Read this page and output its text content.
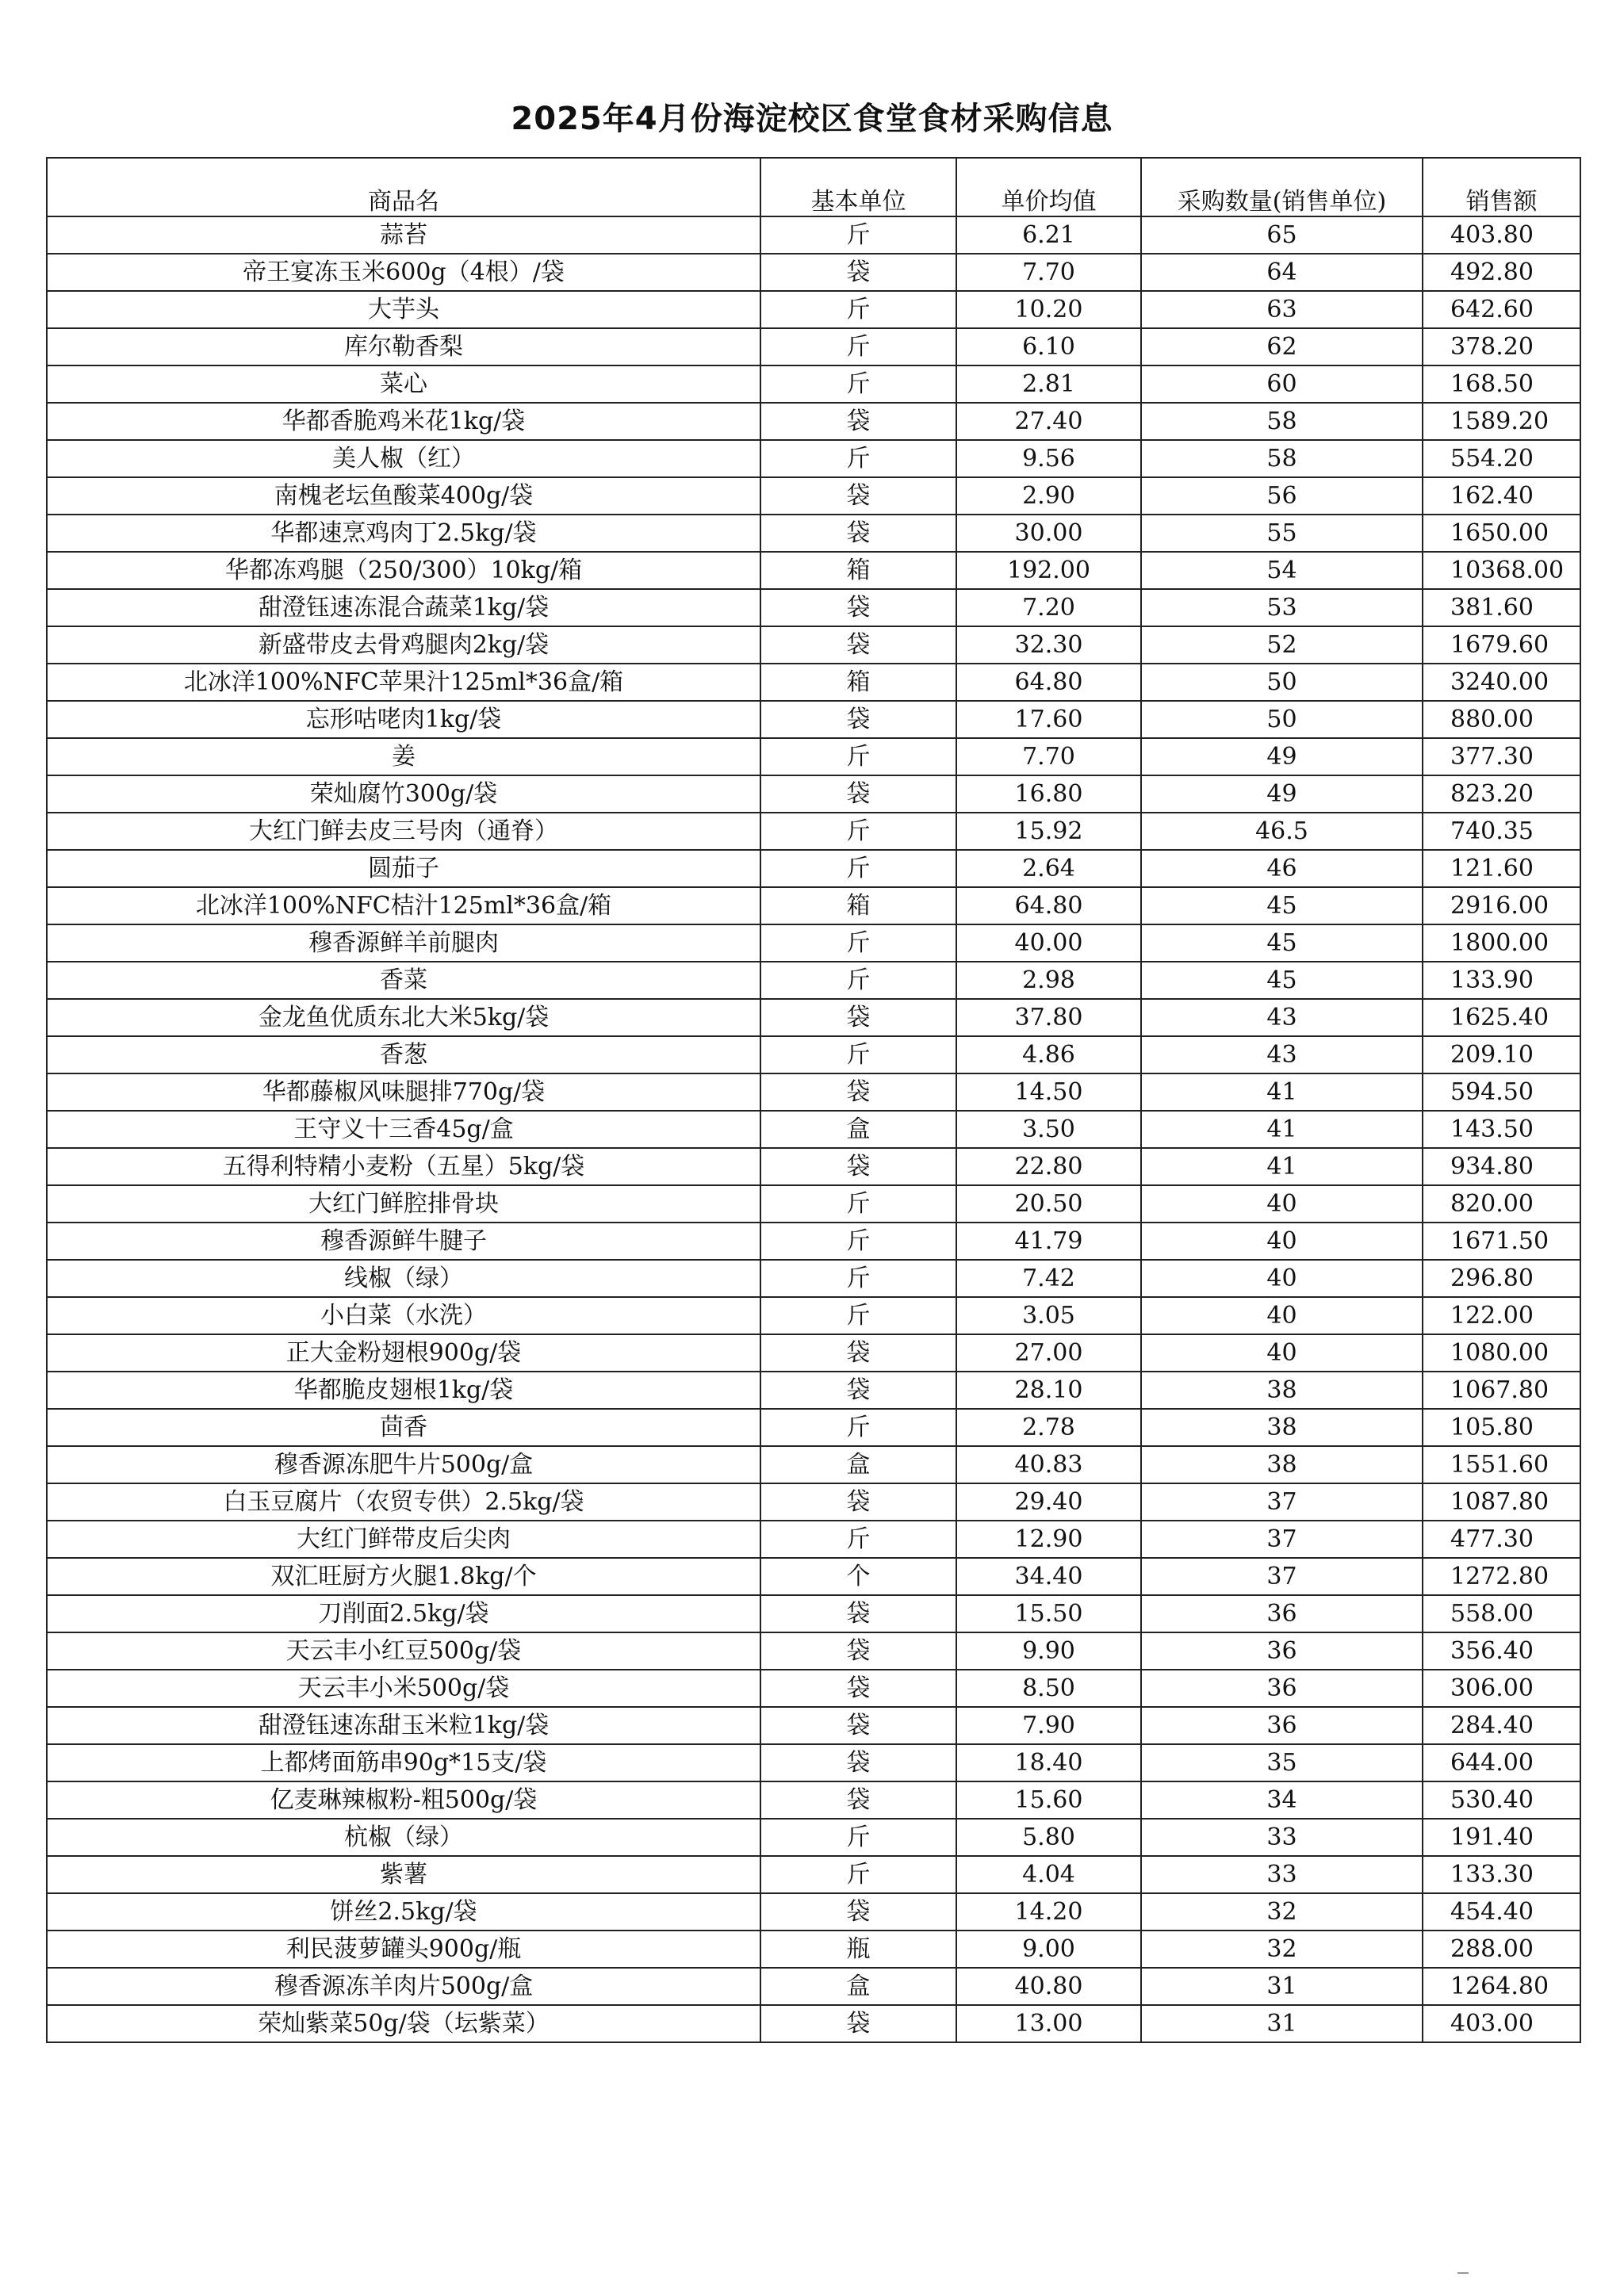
2025年4月份海淀校区食堂食材采购信息
商品名	基本单位	单价均值	采购数量(销售单位)	销售额
蒜苔	斤	6.21	65	403.80
帝王宴冻玉米600g（4根）/袋	袋	7.70	64	492.80
大芋头	斤	10.20	63	642.60
库尔勒香梨	斤	6.10	62	378.20
菜心	斤	2.81	60	168.50
华都香脆鸡米花1kg/袋	袋	27.40	58	1589.20
美人椒（红）	斤	9.56	58	554.20
南槐老坛鱼酸菜400g/袋	袋	2.90	56	162.40
华都速烹鸡肉丁2.5kg/袋	袋	30.00	55	1650.00
华都冻鸡腿（250/300）10kg/箱	箱	192.00	54	10368.00
甜澄钰速冻混合蔬菜1kg/袋	袋	7.20	53	381.60
新盛带皮去骨鸡腿肉2kg/袋	袋	32.30	52	1679.60
北冰洋100%NFC苹果汁125ml*36盒/箱	箱	64.80	50	3240.00
忘形咕咾肉1kg/袋	袋	17.60	50	880.00
姜	斤	7.70	49	377.30
荣灿腐竹300g/袋	袋	16.80	49	823.20
大红门鲜去皮三号肉（通脊）	斤	15.92	46.5	740.35
圆茄子	斤	2.64	46	121.60
北冰洋100%NFC桔汁125ml*36盒/箱	箱	64.80	45	2916.00
穆香源鲜羊前腿肉	斤	40.00	45	1800.00
香菜	斤	2.98	45	133.90
金龙鱼优质东北大米5kg/袋	袋	37.80	43	1625.40
香葱	斤	4.86	43	209.10
华都藤椒风味腿排770g/袋	袋	14.50	41	594.50
王守义十三香45g/盒	盒	3.50	41	143.50
五得利特精小麦粉（五星）5kg/袋	袋	22.80	41	934.80
大红门鲜腔排骨块	斤	20.50	40	820.00
穆香源鲜牛腱子	斤	41.79	40	1671.50
线椒（绿）	斤	7.42	40	296.80
小白菜（水洗）	斤	3.05	40	122.00
正大金粉翅根900g/袋	袋	27.00	40	1080.00
华都脆皮翅根1kg/袋	袋	28.10	38	1067.80
茴香	斤	2.78	38	105.80
穆香源冻肥牛片500g/盒	盒	40.83	38	1551.60
白玉豆腐片（农贸专供）2.5kg/袋	袋	29.40	37	1087.80
大红门鲜带皮后尖肉	斤	12.90	37	477.30
双汇旺厨方火腿1.8kg/个	个	34.40	37	1272.80
刀削面2.5kg/袋	袋	15.50	36	558.00
天云丰小红豆500g/袋	袋	9.90	36	356.40
天云丰小米500g/袋	袋	8.50	36	306.00
甜澄钰速冻甜玉米粒1kg/袋	袋	7.90	36	284.40
上都烤面筋串90g*15支/袋	袋	18.40	35	644.00
亿麦琳辣椒粉-粗500g/袋	袋	15.60	34	530.40
杭椒（绿）	斤	5.80	33	191.40
紫薯	斤	4.04	33	133.30
饼丝2.5kg/袋	袋	14.20	32	454.40
利民菠萝罐头900g/瓶	瓶	9.00	32	288.00
穆香源冻羊肉片500g/盒	盒	40.80	31	1264.80
荣灿紫菜50g/袋（坛紫菜）	袋	13.00	31	403.00
